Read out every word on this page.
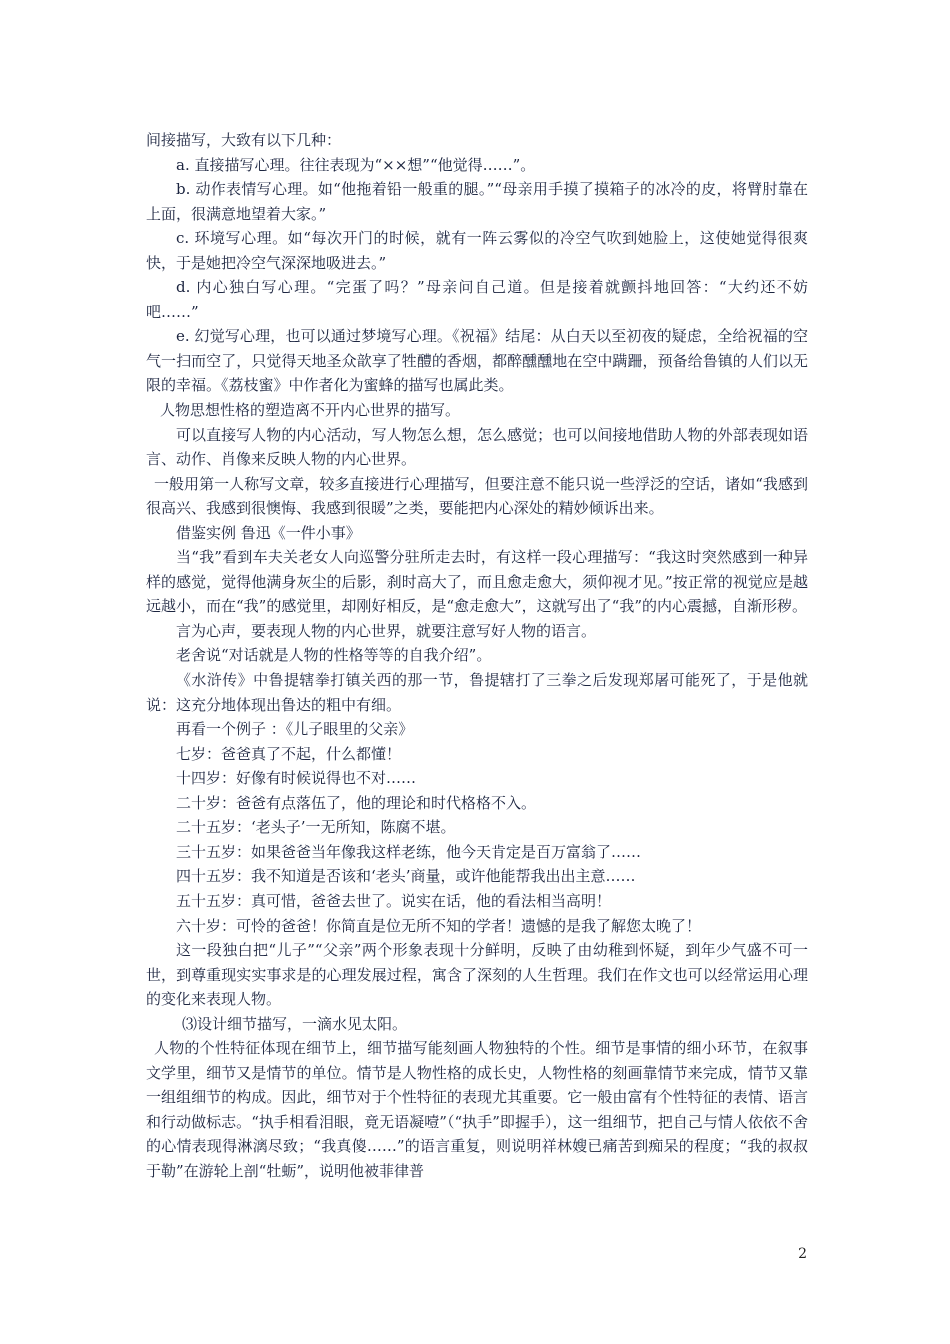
间接描写，大致有以下几种：

a. 直接描写心理。往往表现为“××想”“他觉得……”。

b. 动作表情写心理。如“他拖着铅一般重的腿。”“母亲用手摸了摸箱子的冰冷的皮，将臂肘靠在上面，很满意地望着大家。”

c. 环境写心理。如“每次开门的时候，就有一阵云雾似的冷空气吹到她脸上，这使她觉得很爽快，于是她把冷空气深深地吸进去。”

d. 内心独白写心理。“完蛋了吗？”母亲问自己道。但是接着就颤抖地回答：“大约还不妨吧……”

e. 幻觉写心理，也可以通过梦境写心理。《祝福》结尾：从白天以至初夜的疑虑，全给祝福的空气一扫而空了，只觉得天地圣众歆享了牲醴的香烟，都醉醺醺地在空中蹒跚，预备给鲁镇的人们以无限的幸福。《荔枝蜜》中作者化为蜜蜂的描写也属此类。

人物思想性格的塑造离不开内心世界的描写。

可以直接写人物的内心活动，写人物怎么想，怎么感觉；也可以间接地借助人物的外部表现如语言、动作、肖像来反映人物的内心世界。

一般用第一人称写文章，较多直接进行心理描写，但要注意不能只说一些浮泛的空话，诸如“我感到很高兴、我感到很懊悔、我感到很暖”之类，要能把内心深处的精妙倾诉出来。

借鉴实例 鲁迅《一件小事》

当“我”看到车夫关老女人向巡警分驻所走去时，有这样一段心理描写：“我这时突然感到一种异样的感觉，觉得他满身灰尘的后影，刹时高大了，而且愈走愈大，须仰视才见。”按正常的视觉应是越远越小，而在“我”的感觉里，却刚好相反，是“愈走愈大”，这就写出了“我”的内心震撼，自渐形秽。

言为心声，要表现人物的内心世界，就要注意写好人物的语言。

老舍说“对话就是人物的性格等等的自我介绍”。

《水浒传》中鲁提辖拳打镇关西的那一节，鲁提辖打了三拳之后发现郑屠可能死了，于是他就说：这充分地体现出鲁达的粗中有细。

再看一个例子 ：《儿子眼里的父亲》

七岁：爸爸真了不起，什么都懂！

十四岁：好像有时候说得也不对……

二十岁：爸爸有点落伍了，他的理论和时代格格不入。

二十五岁：‘老头子’一无所知，陈腐不堪。

三十五岁：如果爸爸当年像我这样老练，他今天肯定是百万富翁了……

四十五岁：我不知道是否该和‘老头’商量，或许他能帮我出出主意……

五十五岁：真可惜，爸爸去世了。说实在话，他的看法相当高明！

六十岁：可怜的爸爸！你简直是位无所不知的学者！遗憾的是我了解您太晚了！

这一段独白把“儿子”“父亲”两个形象表现十分鲜明，反映了由幼稚到怀疑，到年少气盛不可一世，到尊重现实实事求是的心理发展过程，寓含了深刻的人生哲理。我们在作文也可以经常运用心理的变化来表现人物。

⑶设计细节描写，一滴水见太阳。

人物的个性特征体现在细节上，细节描写能刻画人物独特的个性。细节是事情的细小环节，在叙事文学里，细节又是情节的单位。情节是人物性格的成长史，人物性格的刻画靠情节来完成，情节又靠一组组细节的构成。因此，细节对于个性特征的表现尤其重要。它一般由富有个性特征的表情、语言和行动做标志。“执手相看泪眼，竟无语凝噎”（“执手”即握手），这一组细节，把自己与情人依依不舍的心情表现得淋漓尽致；“我真傻……”的语言重复，则说明祥林嫂已痛苦到痴呆的程度；“我的叔叔于勒”在游轮上剖“牡蛎”，说明他被菲律普

2
